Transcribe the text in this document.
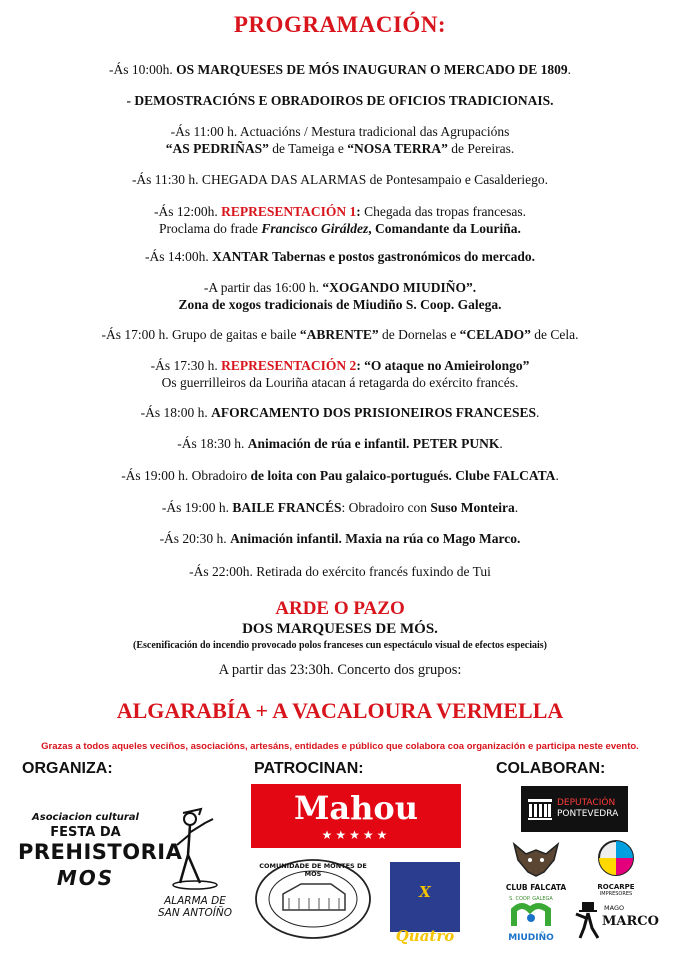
PROGRAMACIÓN:
-Ás 10:00h. OS MARQUESES DE MÓS INAUGURAN O MERCADO DE 1809.
- DEMOSTRACIÓNS E OBRADOIROS DE OFICIOS TRADICIONAIS.
-Ás 11:00 h. Actuacións / Mestura tradicional das Agrupacións
“AS PEDRIÑAS” de Tameiga e “NOSA TERRA” de Pereiras.
-Ás 11:30 h. CHEGADA DAS ALARMAS de Pontesampaio e Casalderiego.
-Ás 12:00h. REPRESENTACIÓN 1: Chegada das tropas francesas.
Proclama do frade Francisco Giráldez, Comandante da Louriña.
-Ás 14:00h. XANTAR Tabernas e postos gastronómicos do mercado.
-A partir das 16:00 h. “XOGANDO MIUDIÑO”.
Zona de xogos tradicionais de Miudiño S. Coop. Galega.
-Ás 17:00 h. Grupo de gaitas e baile “ABRENTE” de Dornelas e “CELADO” de Cela.
-Ás 17:30 h. REPRESENTACIÓN 2: “O ataque no Amieirolongo”
Os guerrilleiros da Louriña atacan á retagarda do exército francés.
-Ás 18:00 h. AFORCAMENTO DOS PRISIONEIROS FRANCESES.
-Ás 18:30 h. Animación de rúa e infantil. PETER PUNK.
-Ás 19:00 h. Obradoiro de loita con Pau galaico-portugués. Clube FALCATA.
-Ás 19:00 h. BAILE FRANCÉS: Obradoiro con Suso Monteira.
-Ás 20:30 h. Animación infantil. Maxia na rúa co Mago Marco.
-Ás 22:00h. Retirada do exército francés fuxindo de Tui
ARDE O PAZO
DOS MARQUESES DE MÓS.
(Escenificación do incendio provocado polos franceses cun espectáculo visual de efectos especiais)
A partir das 23:30h. Concerto dos grupos:
ALGARABÍA + A VACALOURA VERMELLA
Grazas a todos aqueles veciños, asociacións, artesáns, entidades e público que colabora coa organización e participa neste evento.
ORGANIZA:	PATROCINAN:	COLABORAN:
Asociacion cultural
FESTA DA
PREHISTORIA
MOS
ALARMA DE
SAN ANTOÍÑO
Mahou
★★★★★
COMUNIDADE DE MONTES DE MOS
X Quatro
espectáculos
DEPUTACIÓN
PONTEVEDRA
CLUB FALCATA	ROCARPE
IMPRESORES
S. COOP. GALEGA
MIUDIÑO
MAGO
MARCO
